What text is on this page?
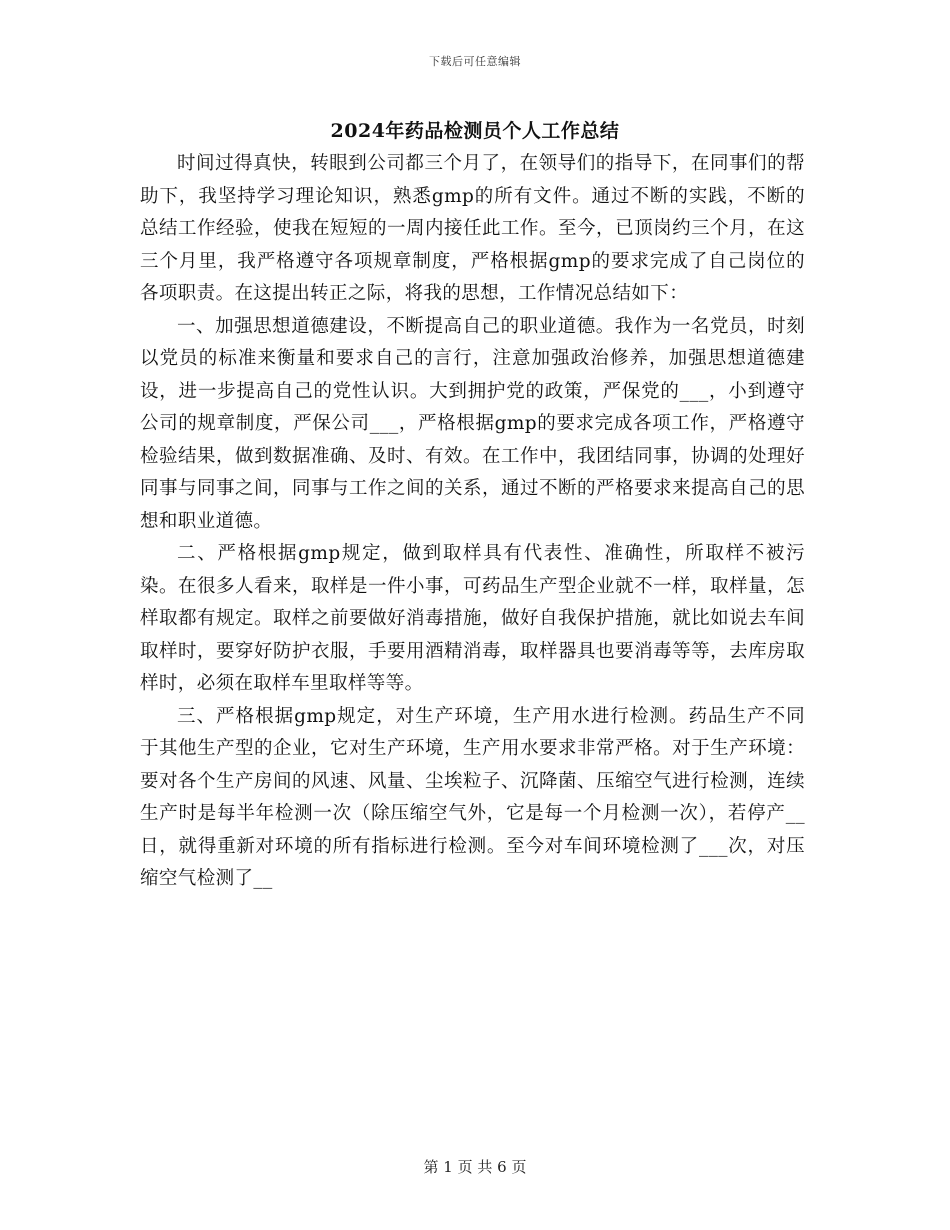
下载后可任意编辑
2024年药品检测员个人工作总结

时间过得真快，转眼到公司都三个月了，在领导们的指导下，在同事们的帮助下，我坚持学习理论知识，熟悉gmp的所有文件。通过不断的实践，不断的总结工作经验，使我在短短的一周内接任此工作。至今，已顶岗约三个月，在这三个月里，我严格遵守各项规章制度，严格根据gmp的要求完成了自己岗位的各项职责。在这提出转正之际，将我的思想，工作情况总结如下：

一、加强思想道德建设，不断提高自己的职业道德。我作为一名党员，时刻以党员的标准来衡量和要求自己的言行，注意加强政治修养，加强思想道德建设，进一步提高自己的党性认识。大到拥护党的政策，严保党的___，小到遵守公司的规章制度，严保公司___，严格根据gmp的要求完成各项工作，严格遵守检验结果，做到数据准确、及时、有效。在工作中，我团结同事，协调的处理好同事与同事之间，同事与工作之间的关系，通过不断的严格要求来提高自己的思想和职业道德。

二、严格根据gmp规定，做到取样具有代表性、准确性，所取样不被污染。在很多人看来，取样是一件小事，可药品生产型企业就不一样，取样量，怎样取都有规定。取样之前要做好消毒措施，做好自我保护措施，就比如说去车间取样时，要穿好防护衣服，手要用酒精消毒，取样器具也要消毒等等，去库房取样时，必须在取样车里取样等等。

三、严格根据gmp规定，对生产环境，生产用水进行检测。药品生产不同于其他生产型的企业，它对生产环境，生产用水要求非常严格。对于生产环境：要对各个生产房间的风速、风量、尘埃粒子、沉降菌、压缩空气进行检测，连续生产时是每半年检测一次（除压缩空气外，它是每一个月检测一次），若停产__日，就得重新对环境的所有指标进行检测。至今对车间环境检测了___次，对压缩空气检测了__

第 1 页 共 6 页
